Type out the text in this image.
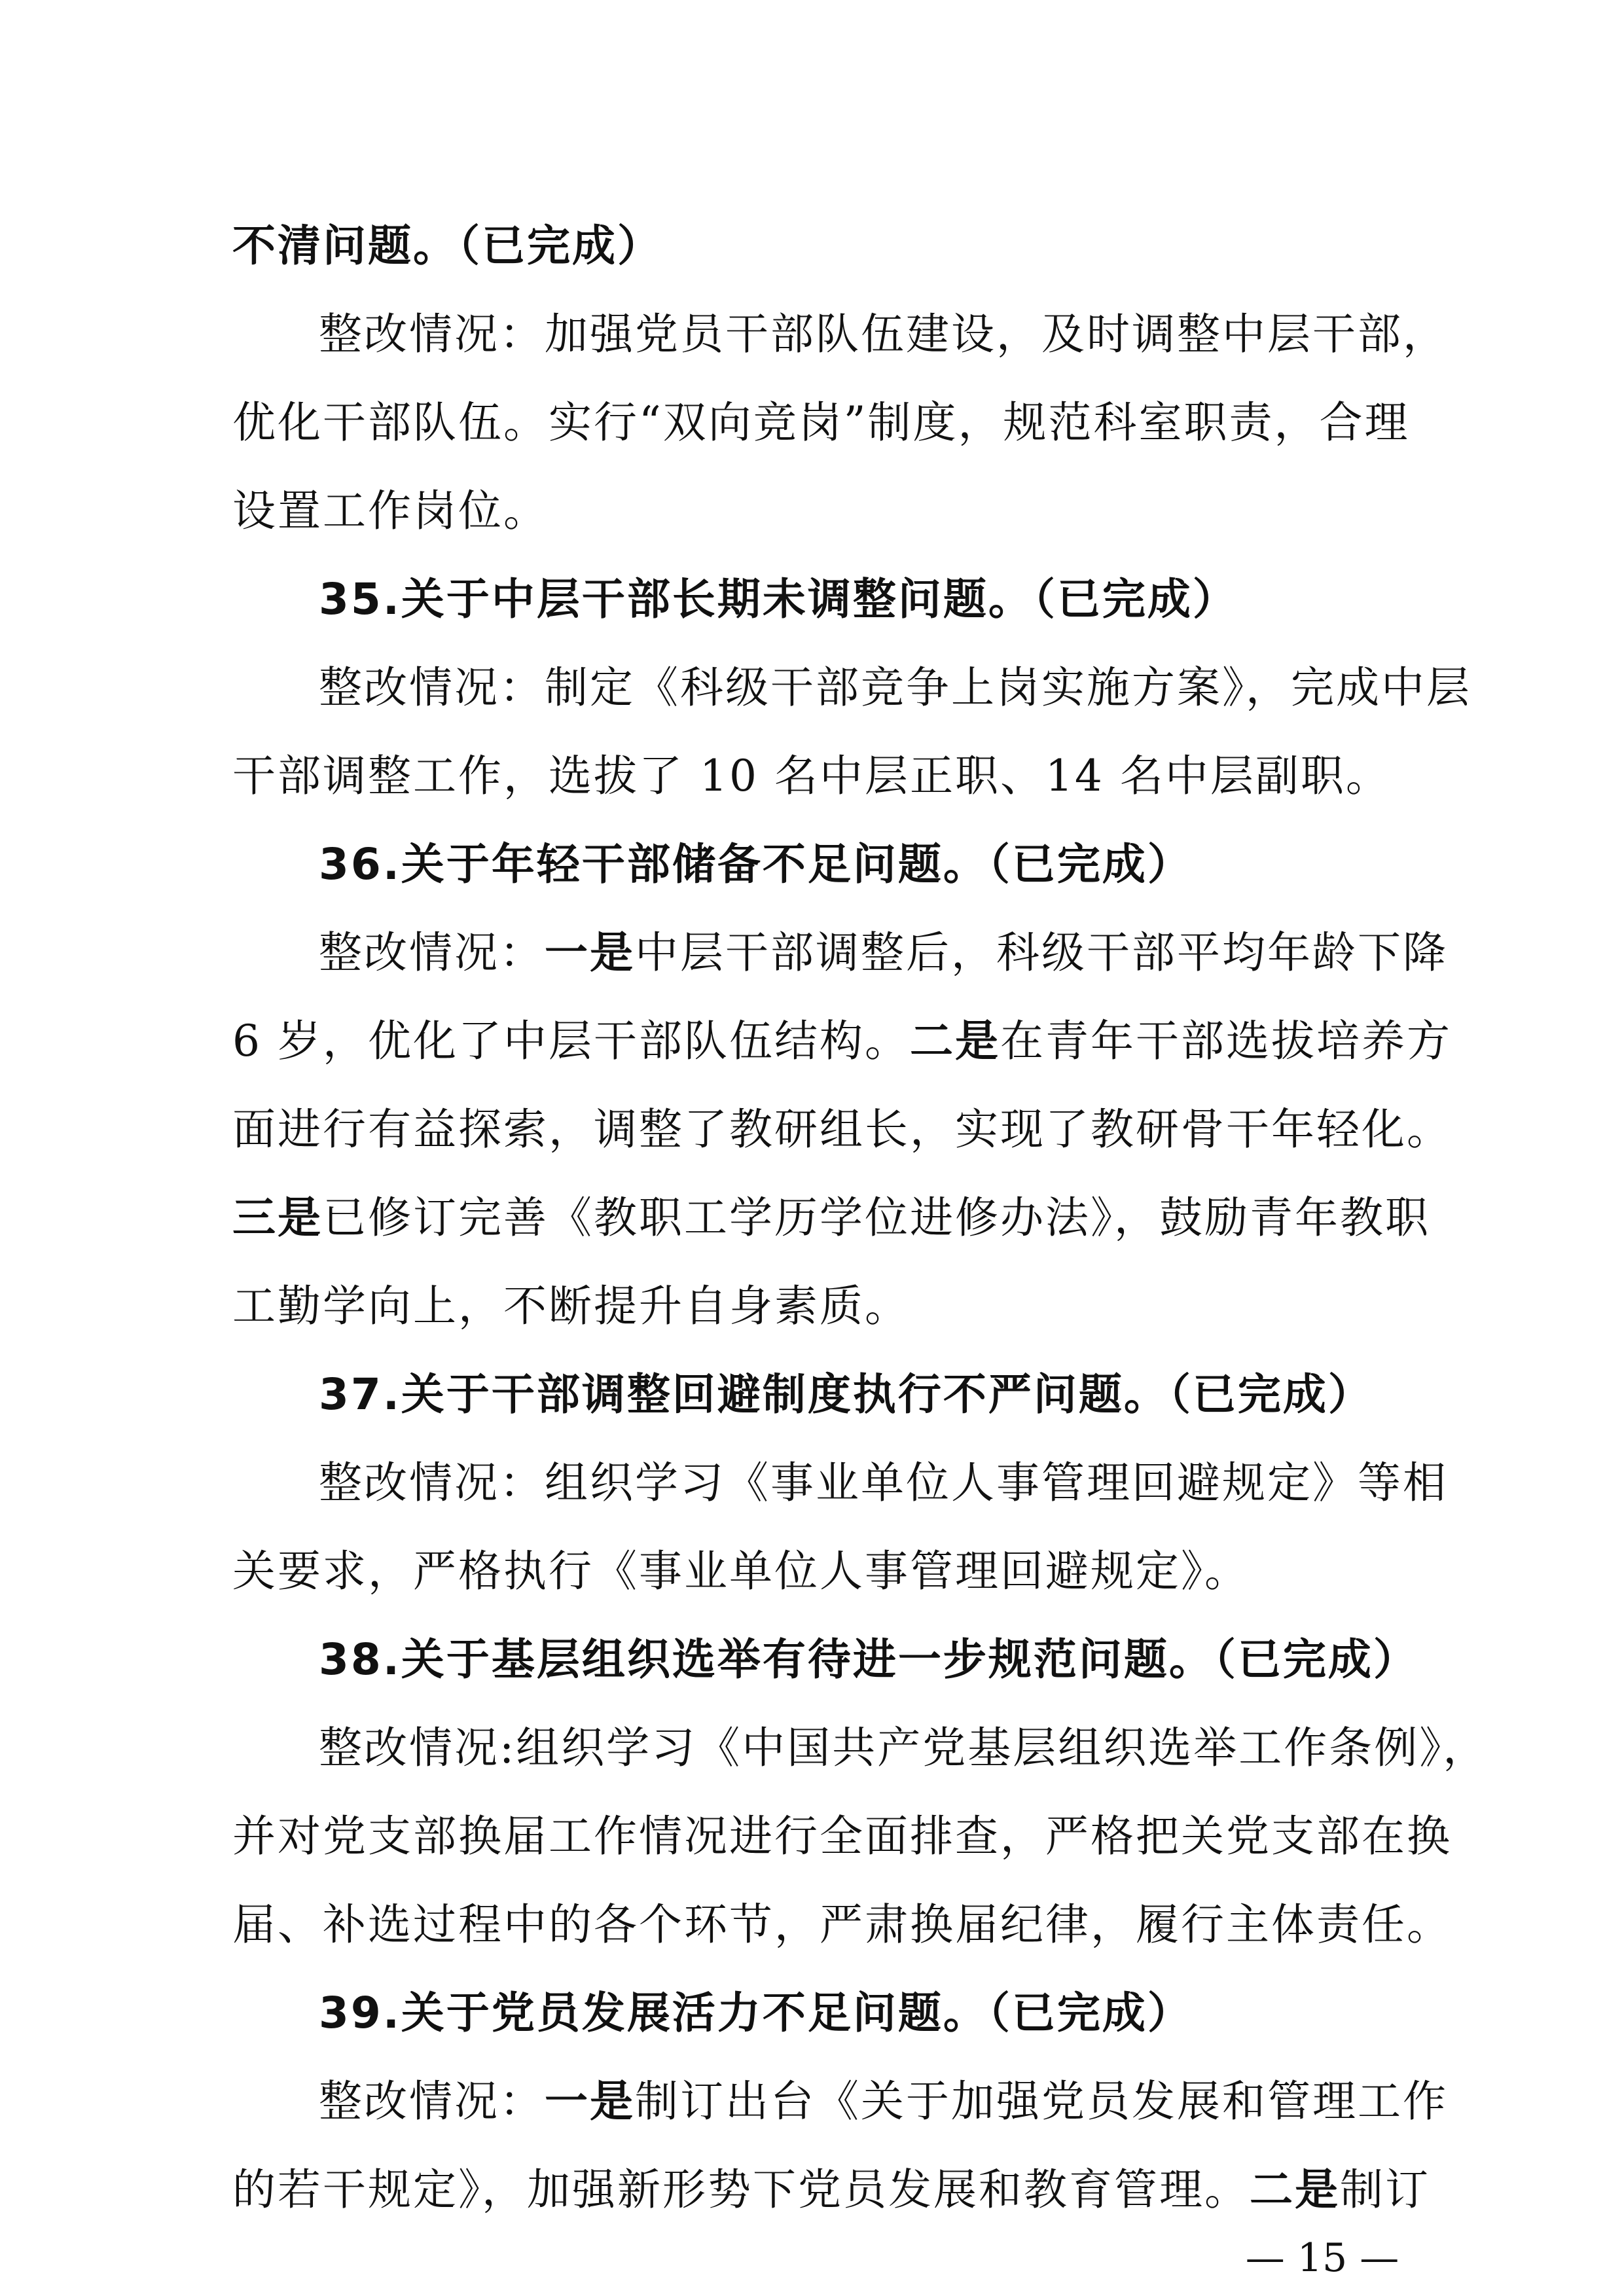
不清问题。（已完成）
整改情况：加强党员干部队伍建设，及时调整中层干部，
优化干部队伍。实行“双向竞岗”制度，规范科室职责，合理
设置工作岗位。
35.关于中层干部长期未调整问题。（已完成）
整改情况：制定《科级干部竞争上岗实施方案》，完成中层
干部调整工作，选拔了 10 名中层正职、14 名中层副职。
36.关于年轻干部储备不足问题。（已完成）
整改情况：一是中层干部调整后，科级干部平均年龄下降
6 岁，优化了中层干部队伍结构。二是在青年干部选拔培养方
面进行有益探索，调整了教研组长，实现了教研骨干年轻化。
三是已修订完善《教职工学历学位进修办法》，鼓励青年教职
工勤学向上，不断提升自身素质。
37.关于干部调整回避制度执行不严问题。（已完成）
整改情况：组织学习《事业单位人事管理回避规定》等相
关要求，严格执行《事业单位人事管理回避规定》。
38.关于基层组织选举有待进一步规范问题。（已完成）
整改情况:组织学习《中国共产党基层组织选举工作条例》，
并对党支部换届工作情况进行全面排查，严格把关党支部在换
届、补选过程中的各个环节，严肃换届纪律，履行主体责任。
39.关于党员发展活力不足问题。（已完成）
整改情况：一是制订出台《关于加强党员发展和管理工作
的若干规定》，加强新形势下党员发展和教育管理。二是制订
— 15 —
